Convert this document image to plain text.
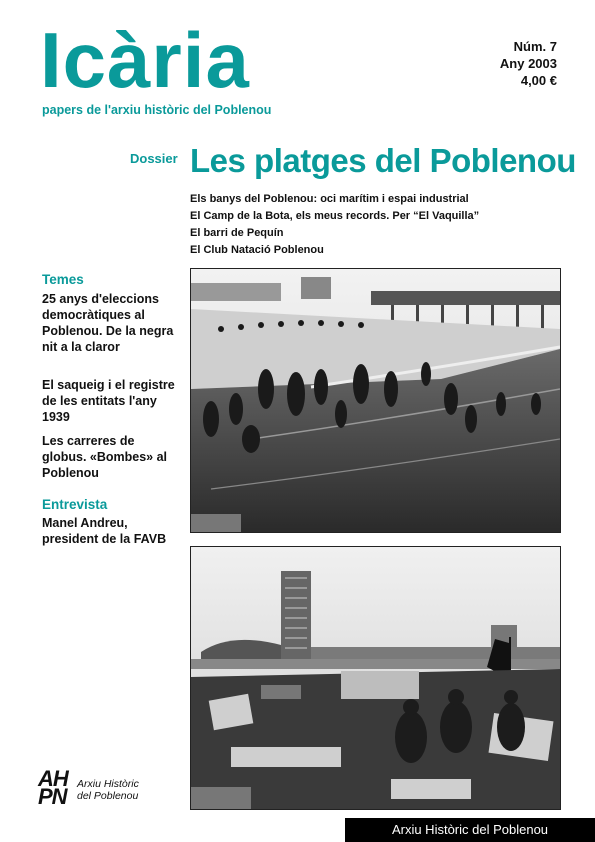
Icària
papers de l'arxiu històric del Poblenou
Núm. 7
Any 2003
4,00 €
Dossier Les platges del Poblenou
Els banys del Poblenou: oci marítim i espai industrial
El Camp de la Bota, els meus records. Per “El Vaquilla”
El barri de Pequín
El Club Natació Poblenou
Temes
25 anys d'eleccions democràtiques al Poblenou. De la negra nit a la claror
El saqueig i el registre de les entitats l'any 1939
Les carreres de globus. «Bombes» al Poblenou
Entrevista
Manel Andreu, president de la FAVB
AH
PN Arxiu Històric
del Poblenou
Arxiu Històric del Poblenou
